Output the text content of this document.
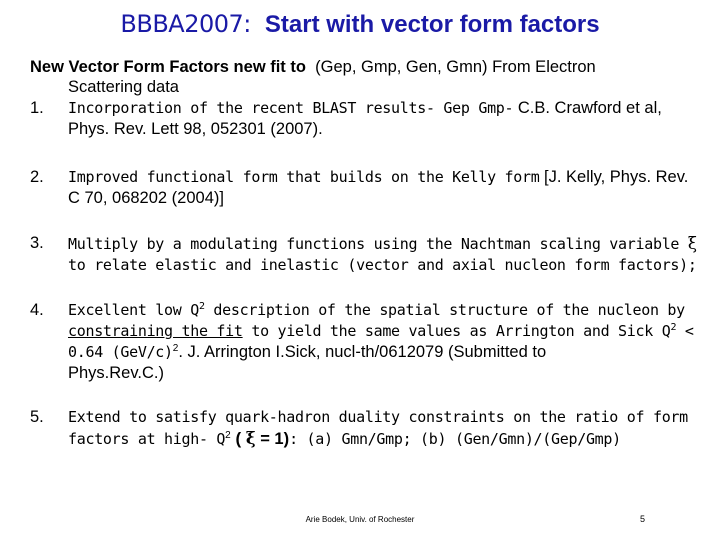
BBBA2007: Start with vector form factors
New Vector Form Factors new fit to (Gep, Gmp, Gen, Gmn) From Electron
Scattering data
1. Incorporation of the recent BLAST results- Gep Gmp- C.B. Crawford et al,
Phys. Rev. Lett 98, 052301 (2007).
2. Improved functional form that builds on the Kelly form [J. Kelly, Phys. Rev.
C 70, 068202 (2004)]
3. Multiply by a modulating functions using the Nachtman scaling variable ξ
to relate elastic and inelastic (vector and axial nucleon form factors);
4. Excellent low $Q^2$ description of the spatial structure of the nucleon by
constraining the fit to yield the same values as Arrington and Sick $Q^2$ <
0.64 $(GeV/c)^2$. J. Arrington I.Sick, nucl-th/0612079 (Submitted to
Phys.Rev.C.)
5. Extend to satisfy quark-hadron duality constraints on the ratio of form
factors at high- $Q^2$ ( ξ = 1): (a) Gmn/Gmp; (b) (Gen/Gmn)/(Gep/Gmp)
Arie Bodek, Univ. of Rochester	5
